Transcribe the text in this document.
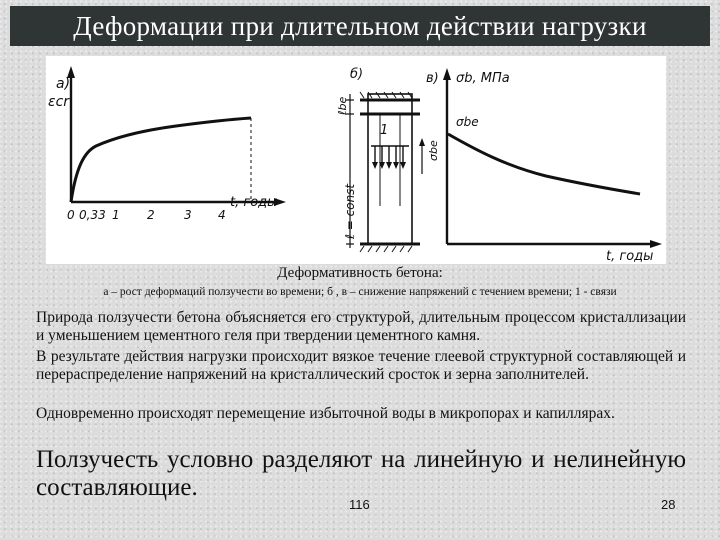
Деформации при длительном действии нагрузки
а)
εcr
0 0,33 1 2 3 4
t, годы
б)
ℓbe
1
σbe
ℓ = const
в) σb, МПа
σbe
t, годы
Деформативность бетона:
а – рост деформаций ползучести во времени; б , в – снижение напряжений с течением времени; 1 - связи
Природа ползучести бетона объясняется его структурой, длительным процессом кристаллизации и уменьшением цементного геля при твердении цементного камня.
В результате действия нагрузки происходит вязкое течение глеевой структурной составляющей и перераспределение напряжений на кристаллический сросток и зерна заполнителей.
Одновременно происходят перемещение избыточной воды в микропорах и капиллярах.
Ползучесть условно разделяют на линейную и нелинейную составляющие.
116	28
